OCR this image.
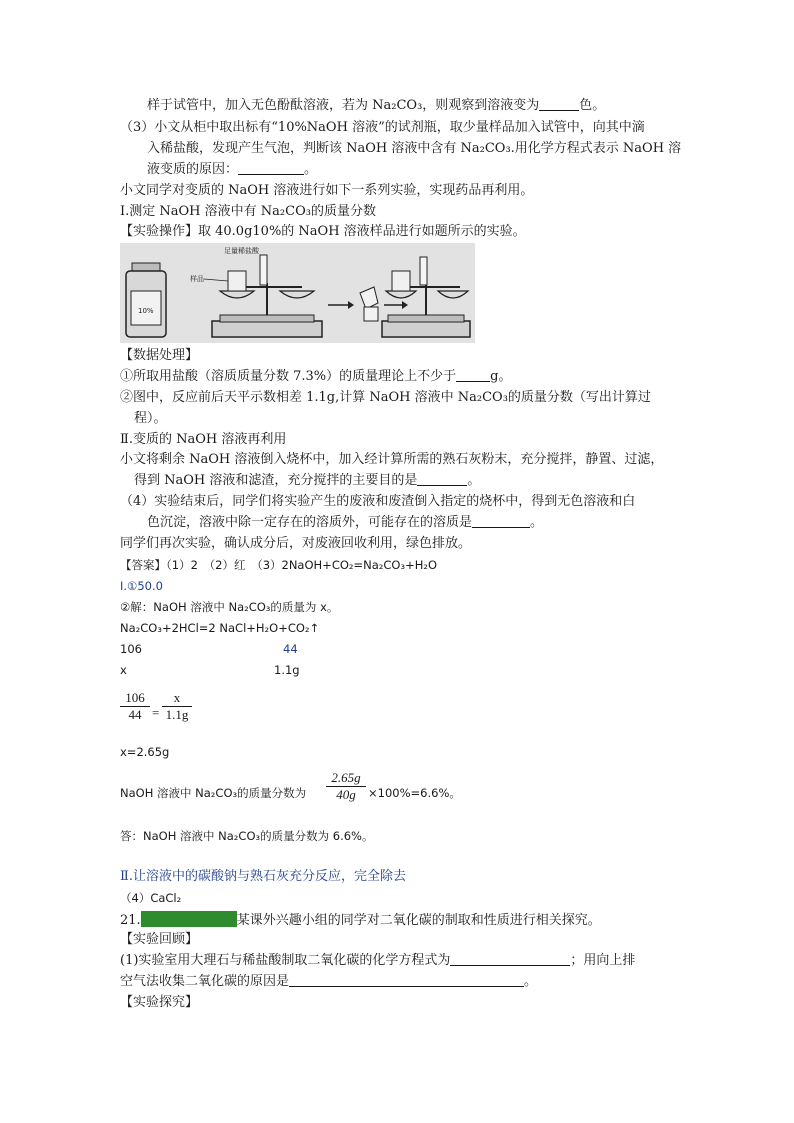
样于试管中，加入无色酚酞溶液，若为 Na₂CO₃，则观察到溶液变为	色。
（3）小文从柜中取出标有“10%NaOH 溶液”的试剂瓶，取少量样品加入试管中，向其中滴
入稀盐酸，发现产生气泡，判断该 NaOH 溶液中含有 Na₂CO₃.用化学方程式表示 NaOH 溶
液变质的原因：	。
小文同学对变质的 NaOH 溶液进行如下一系列实验，实现药品再利用。
Ⅰ.测定 NaOH 溶液中有 Na₂CO₃的质量分数
【实验操作】取 40.0g10%的 NaOH 溶液样品进行如题所示的实验。
10%
足量稀盐酸
样品
【数据处理】
①所取用盐酸（溶质质量分数 7.3%）的质量理论上不少于	g。
②图中，反应前后天平示数相差 1.1g,计算 NaOH 溶液中 Na₂CO₃的质量分数（写出计算过
程）。
Ⅱ.变质的 NaOH 溶液再利用
小文将剩余 NaOH 溶液倒入烧杯中，加入经计算所需的熟石灰粉末，充分搅拌，静置、过滤，
得到 NaOH 溶液和滤渣，充分搅拌的主要目的是	。
（4）实验结束后，同学们将实验产生的废液和废渣倒入指定的烧杯中，得到无色溶液和白
色沉淀，溶液中除一定存在的溶质外，可能存在的溶质是	。
同学们再次实验，确认成分后，对废液回收利用，绿色排放。
【答案】（1）2　（2）红　（3）2NaOH+CO₂=Na₂CO₃+H₂O
Ⅰ.①50.0
②解：NaOH 溶液中 Na₂CO₃的质量为 x。
Na₂CO₃+2HCl=2 NaCl+H₂O+CO₂↑
106	44
x	1.1g
106
44 =
x
1.1g
x=2.65g
NaOH 溶液中 Na₂CO₃的质量分数为
2.65g
40g	×100%=6.6%。
答：NaOH 溶液中 Na₂CO₃的质量分数为 6.6%。
Ⅱ.让溶液中的碳酸钠与熟石灰充分反应，完全除去
（4）CaCl₂
21.	某课外兴趣小组的同学对二氧化碳的制取和性质进行相关探究。
【实验回顾】
(1)实验室用大理石与稀盐酸制取二氧化碳的化学方程式为	；用向上排
空气法收集二氧化碳的原因是	。
【实验探究】
